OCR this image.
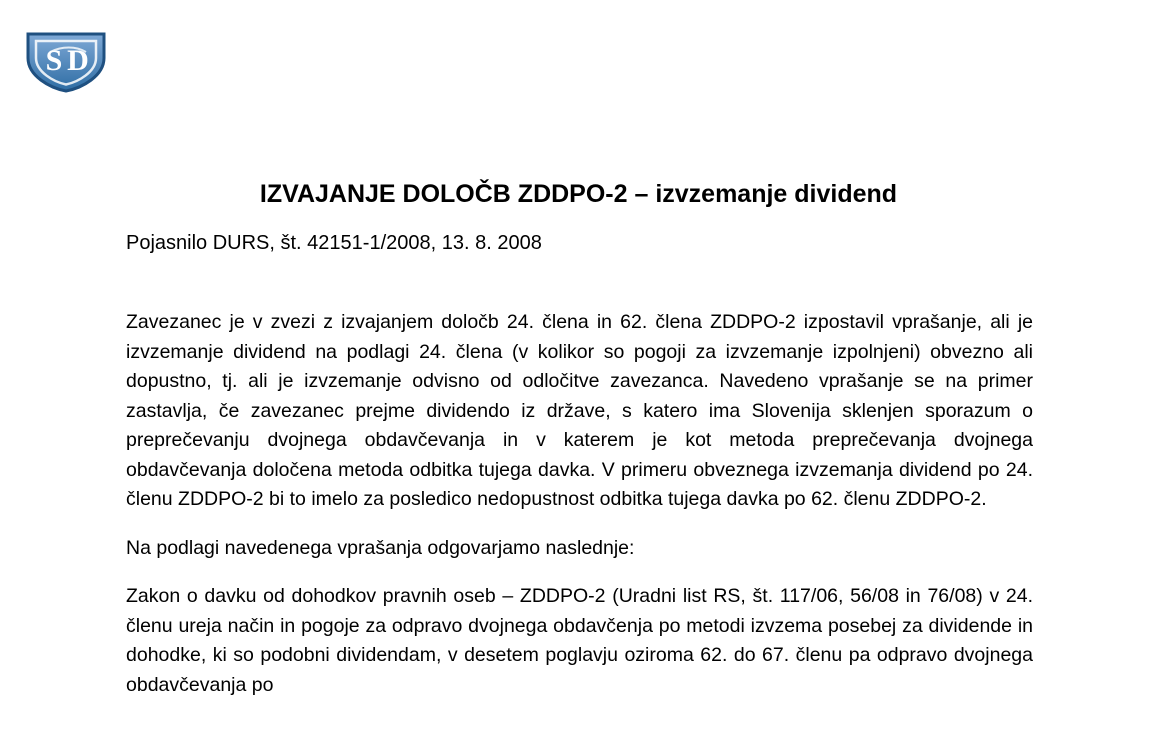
S D
IZVAJANJE DOLOČB ZDDPO-2 – izvzemanje dividend
Pojasnilo DURS, št. 42151-1/2008, 13. 8. 2008

Zavezanec je v zvezi z izvajanjem določb 24. člena in 62. člena ZDDPO-2 izpostavil vprašanje, ali je izvzemanje dividend na podlagi 24. člena (v kolikor so pogoji za izvzemanje izpolnjeni) obvezno ali dopustno, tj. ali je izvzemanje odvisno od odločitve zavezanca. Navedeno vprašanje se na primer zastavlja, če zavezanec prejme dividendo iz države, s katero ima Slovenija sklenjen sporazum o preprečevanju dvojnega obdavčevanja in v katerem je kot metoda preprečevanja dvojnega obdavčevanja določena metoda odbitka tujega davka. V primeru obveznega izvzemanja dividend po 24. členu ZDDPO-2 bi to imelo za posledico nedopustnost odbitka tujega davka po 62. členu ZDDPO-2.

Na podlagi navedenega vprašanja odgovarjamo naslednje:

Zakon o davku od dohodkov pravnih oseb – ZDDPO-2 (Uradni list RS, št. 117/06, 56/08 in 76/08) v 24. členu ureja način in pogoje za odpravo dvojnega obdavčenja po metodi izvzema posebej za dividende in dohodke, ki so podobni dividendam, v desetem poglavju oziroma 62. do 67. členu pa odpravo dvojnega obdavčevanja po
